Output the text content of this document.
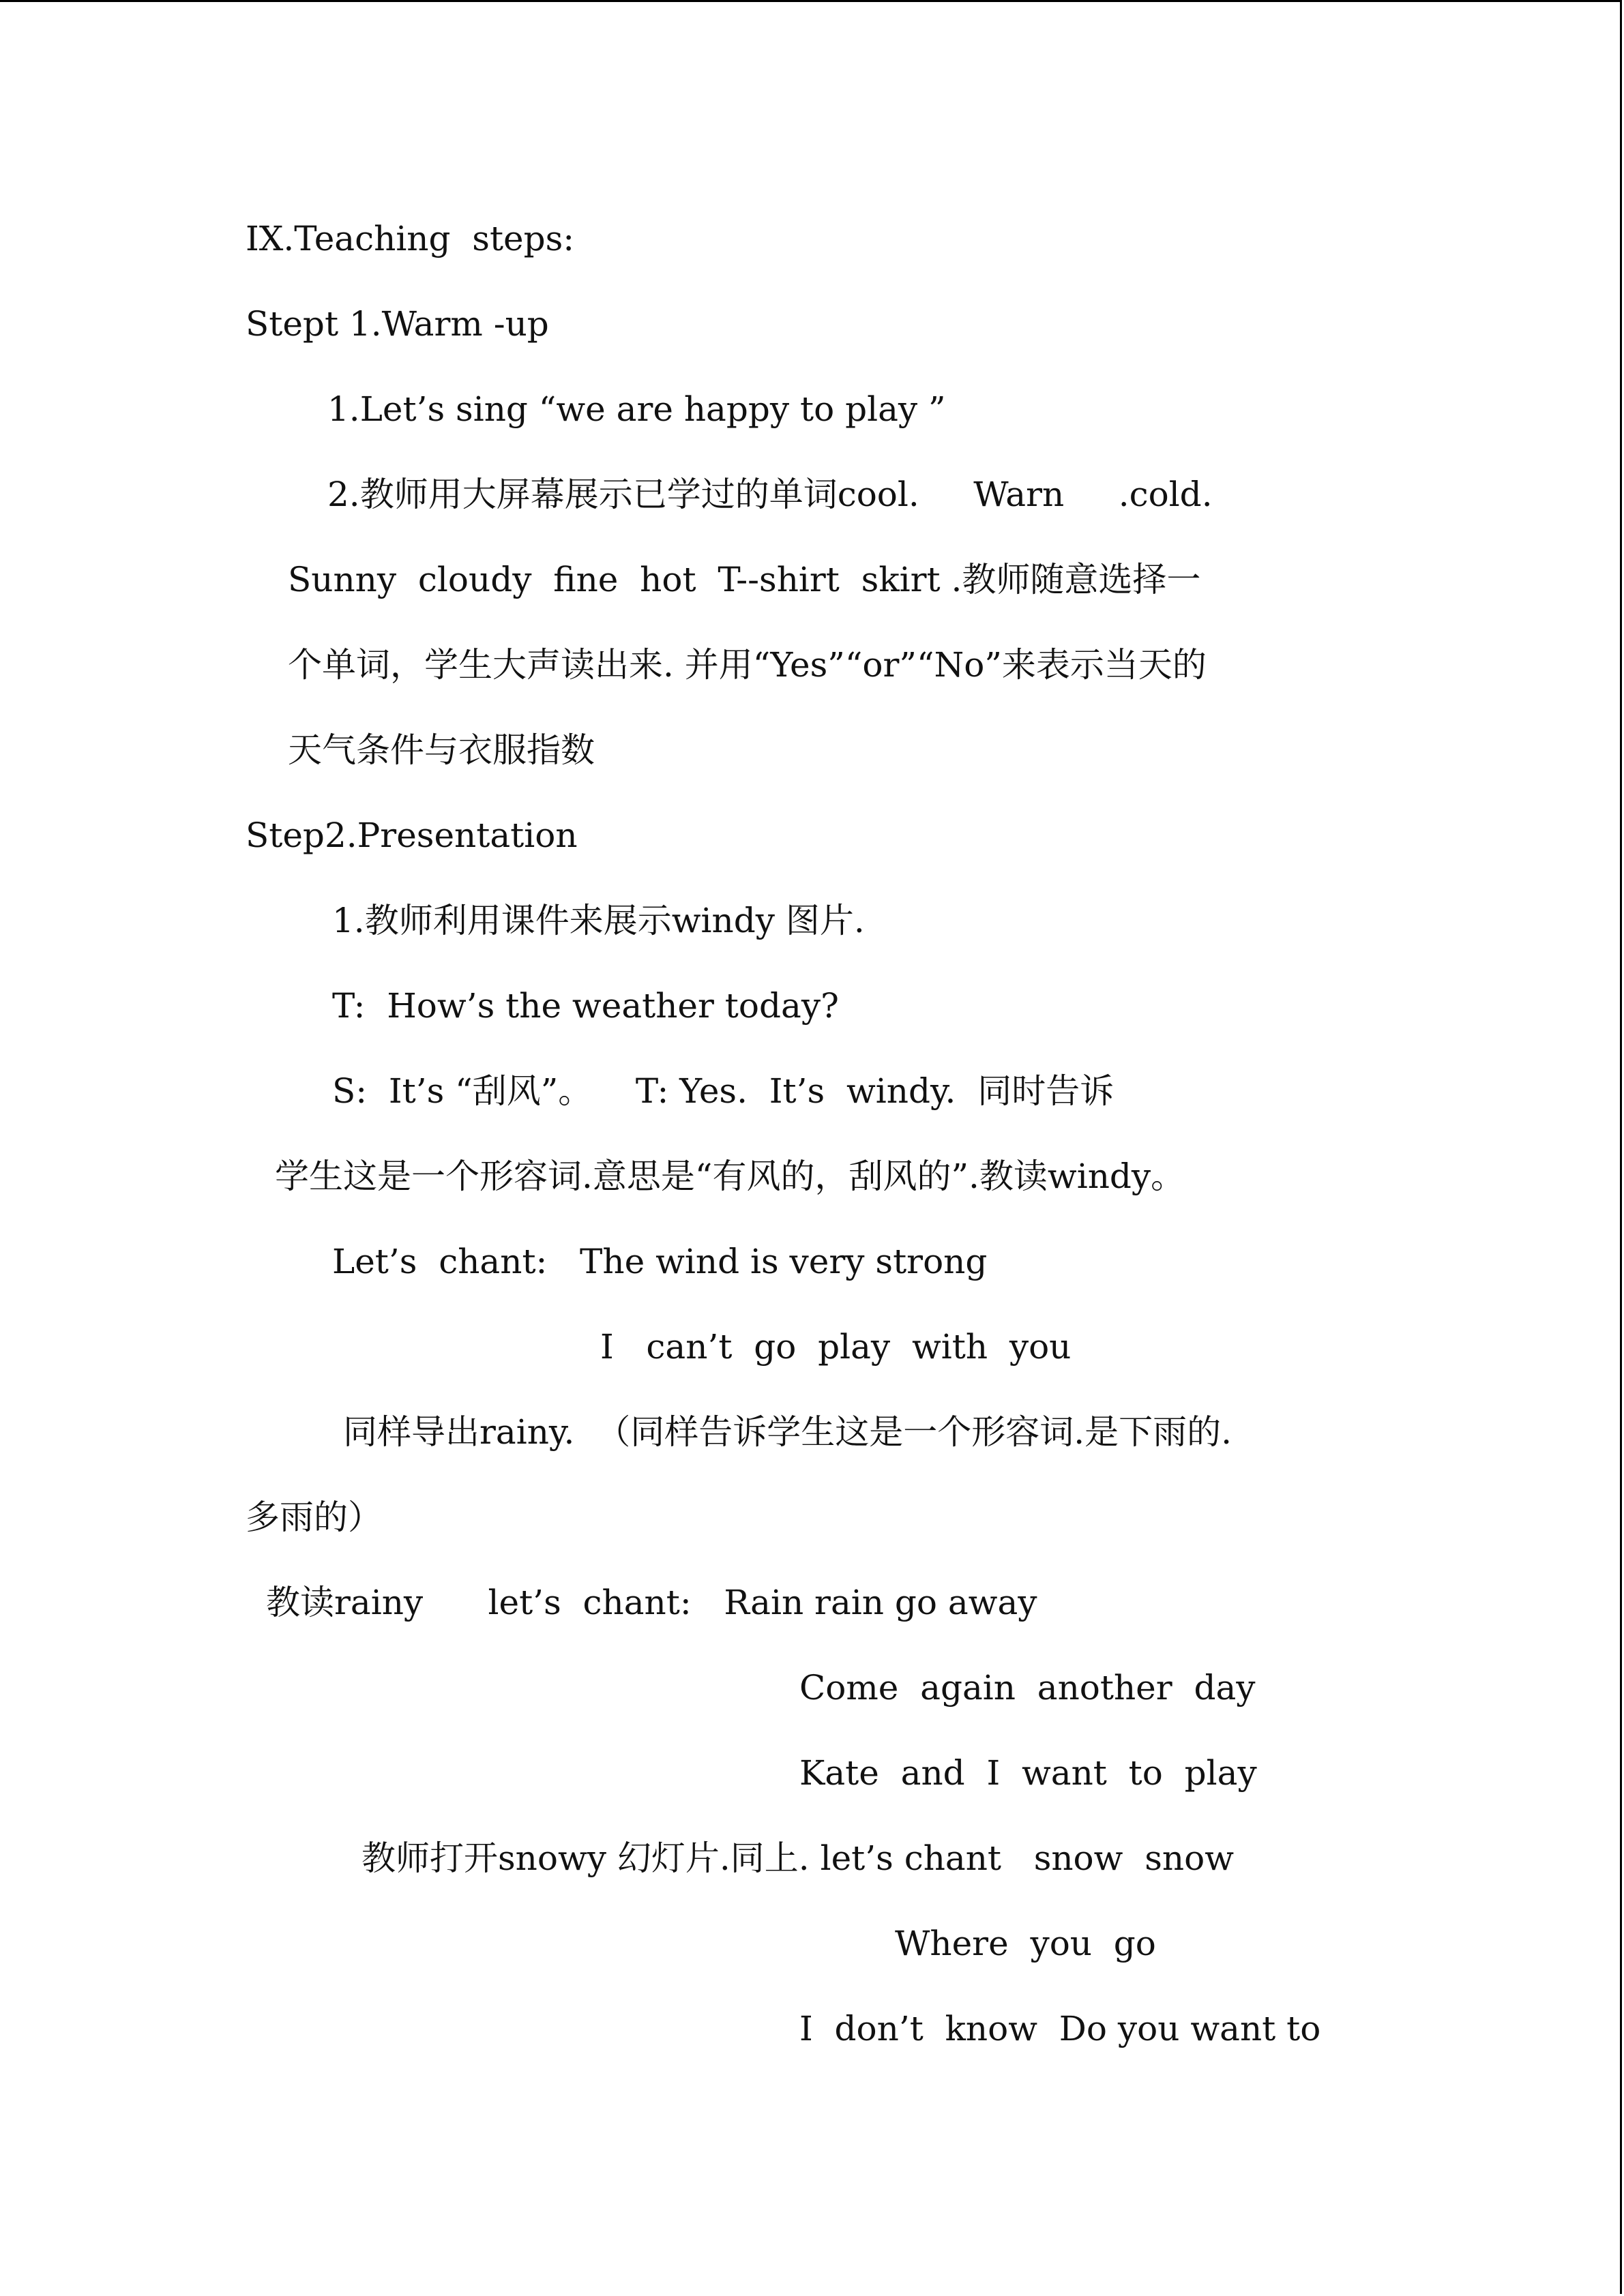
IX.Teaching  steps:
Stept 1.Warm -up
1.Let’s sing “we are happy to play ”
2.教师用大屏幕展示已学过的单词cool.     Warn     .cold.
Sunny  cloudy  fine  hot  T--shirt  skirt .教师随意选择一
个单词，学生大声读出来. 并用“Yes”“or”“No”来表示当天的
天气条件与衣服指数
Step2.Presentation
1.教师利用课件来展示windy 图片.
T:  How’s the weather today?
S:  It’s “刮风”。    T: Yes.  It’s  windy.  同时告诉
学生这是一个形容词.意思是“有风的，刮风的”.教读windy。
Let’s  chant:   The wind is very strong
I   can’t  go  play  with  you
同样导出rainy.  （同样告诉学生这是一个形容词.是下雨的.
多雨的）
教读rainy      let’s  chant:   Rain rain go away
Come  again  another  day
Kate  and  I  want  to  play
教师打开snowy 幻灯片.同上. let’s chant   snow  snow
Where  you  go
I  don’t  know  Do you want to
